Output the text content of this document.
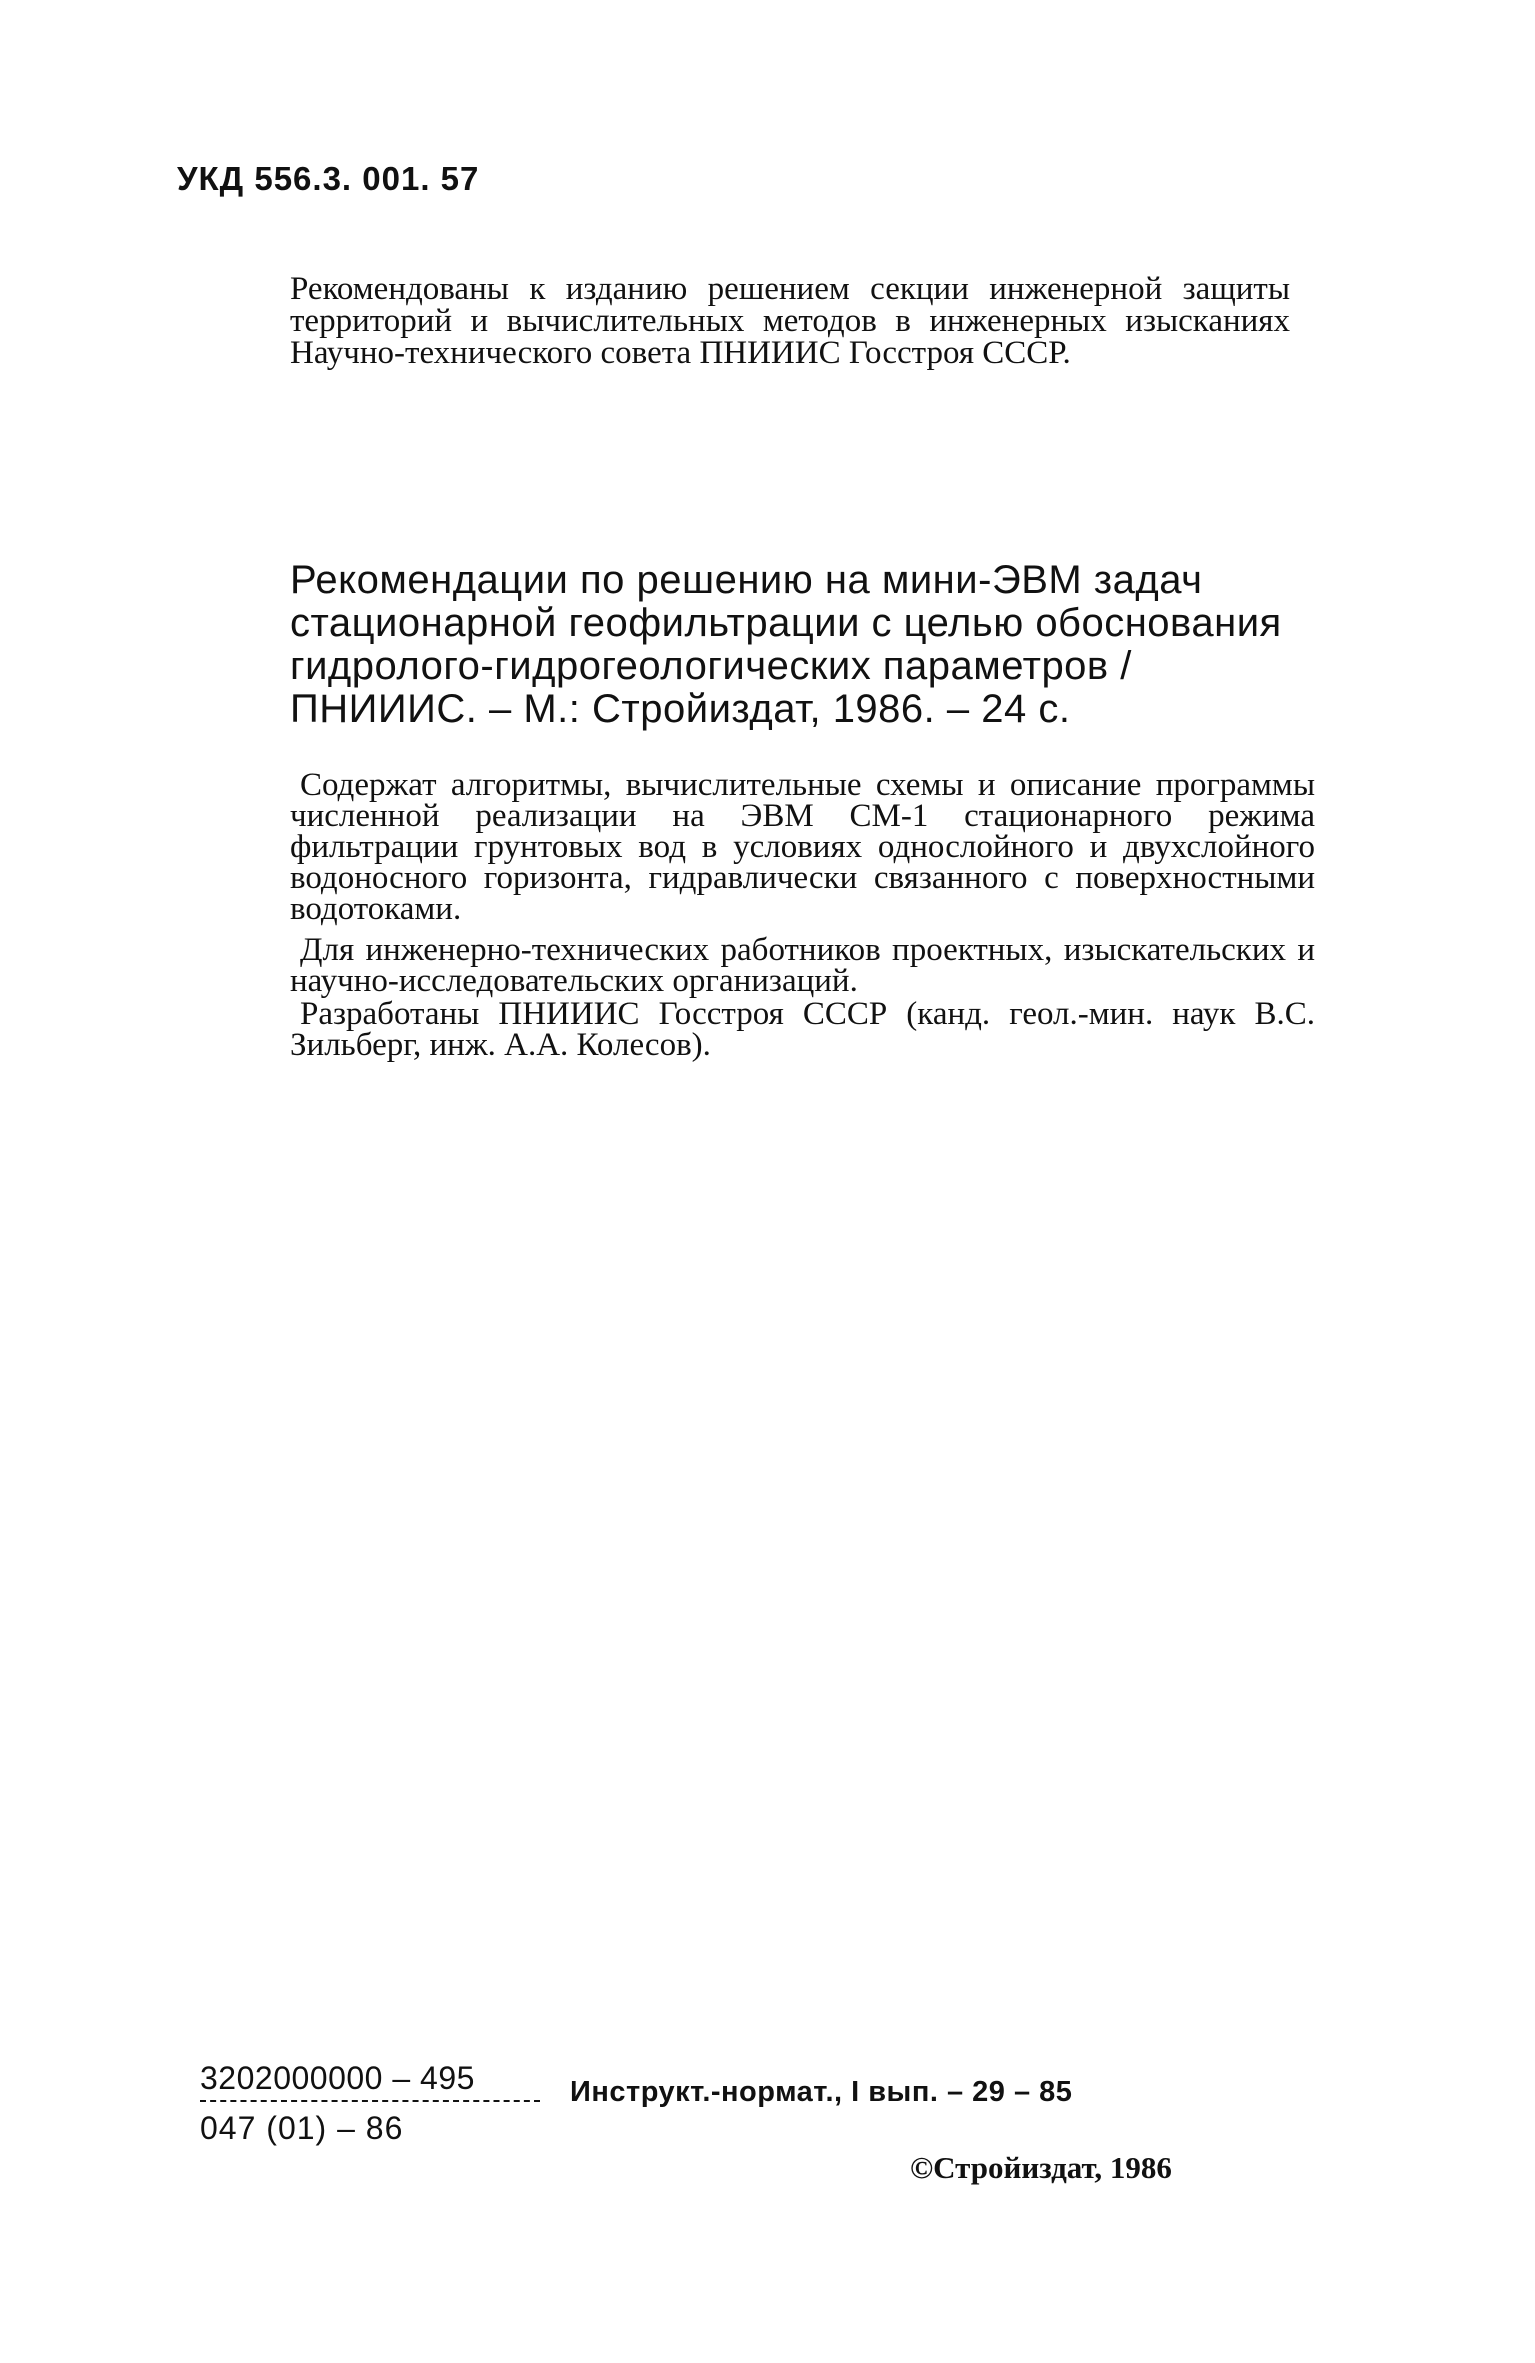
УКД 556.3. 001. 57

Рекомендованы к изданию решением секции инженерной защиты территорий и вычислительных методов в инженерных изысканиях Научно-технического совета ПНИИИС Госстроя СССР.

Рекомендации по решению на мини-ЭВМ задач стационарной геофильтрации с целью обоснования гидролого-гидрогеологических параметров / ПНИИИС. – М.: Стройиздат, 1986. – 24 с.

Содержат алгоритмы, вычислительные схемы и описание программы численной реализации на ЭВМ СМ-1 стационарного режима фильтрации грунтовых вод в условиях однослойного и двухслойного водоносного горизонта, гидравлически связанного с поверхностными водотоками.

Для инженерно-технических работников проектных, изыскательских и научно-исследовательских организаций.

Разработаны ПНИИИС Госстроя СССР (канд. геол.-мин. наук В.С. Зильберг, инж. А.А. Колесов).

$\frac{3202000000 - 495}{047 (01) - 86}$ Инструкт.-нормат., I вып. – 29 – 85
©Стройиздат, 1986
